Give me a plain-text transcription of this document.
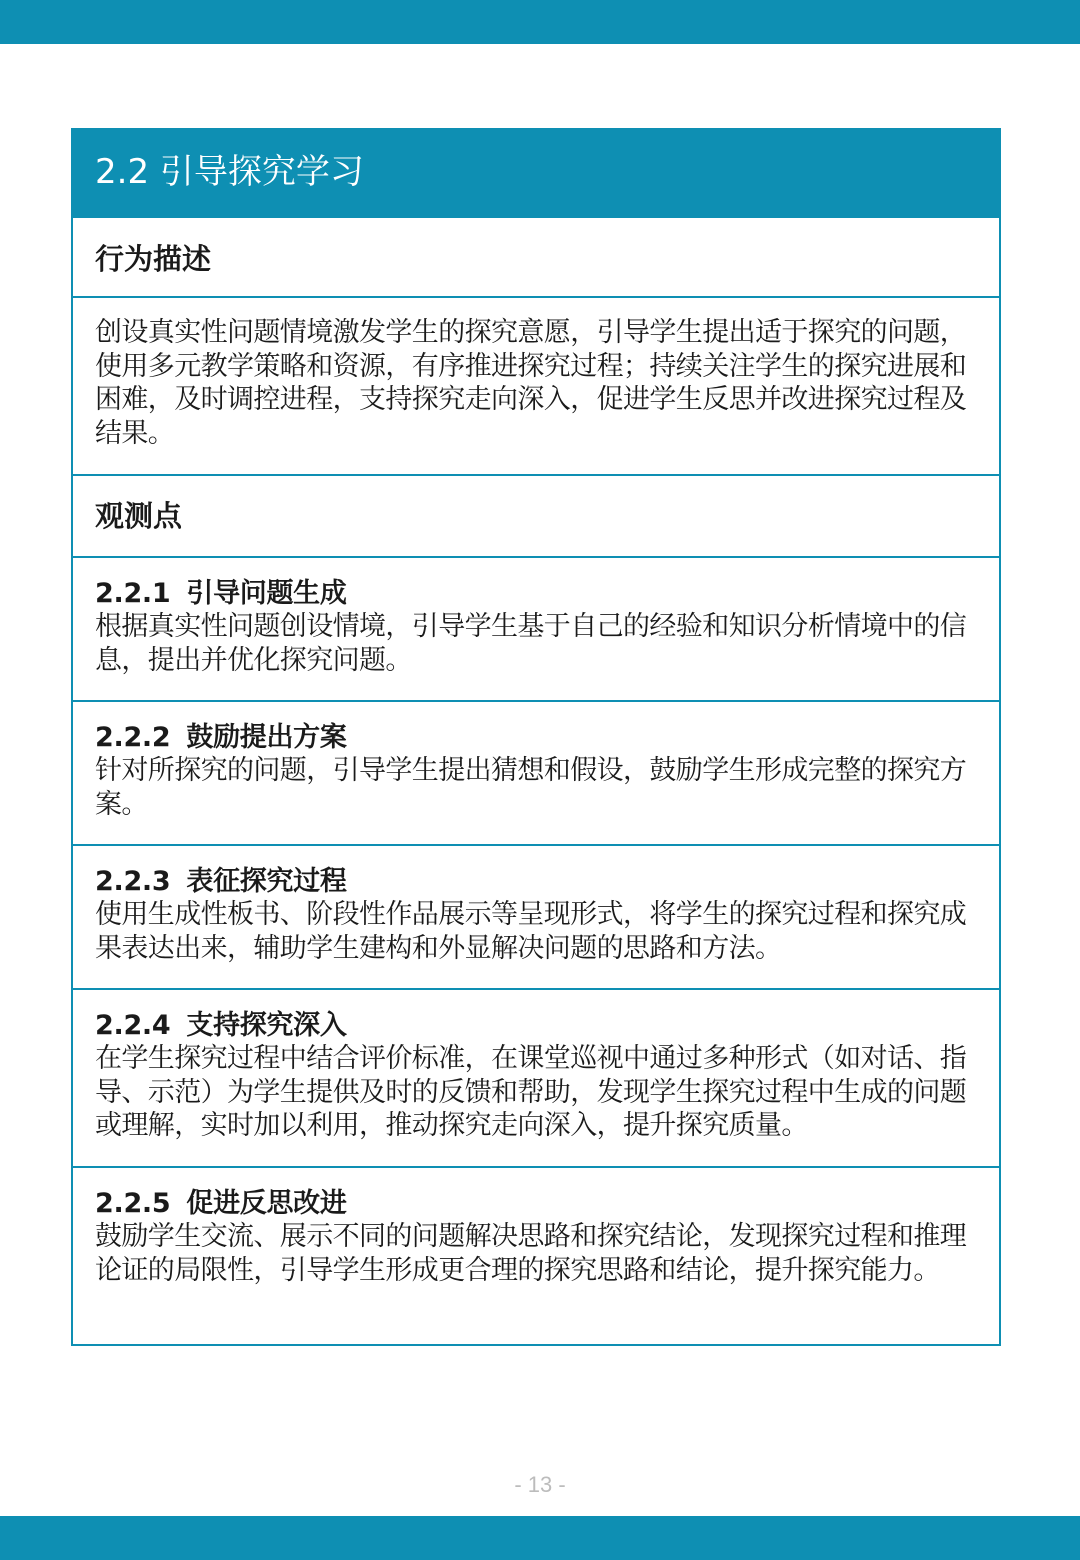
2.2 引导探究学习
行为描述
创设真实性问题情境激发学生的探究意愿，引导学生提出适于探究的问题，使用多元教学策略和资源，有序推进探究过程；持续关注学生的探究进展和困难，及时调控进程，支持探究走向深入，促进学生反思并改进探究过程及结果。
观测点
2.2.1 引导问题生成
根据真实性问题创设情境，引导学生基于自己的经验和知识分析情境中的信息，提出并优化探究问题。
2.2.2 鼓励提出方案
针对所探究的问题，引导学生提出猜想和假设，鼓励学生形成完整的探究方案。
2.2.3 表征探究过程
使用生成性板书、阶段性作品展示等呈现形式，将学生的探究过程和探究成果表达出来，辅助学生建构和外显解决问题的思路和方法。
2.2.4 支持探究深入
在学生探究过程中结合评价标准，在课堂巡视中通过多种形式（如对话、指导、示范）为学生提供及时的反馈和帮助，发现学生探究过程中生成的问题或理解，实时加以利用，推动探究走向深入，提升探究质量。
2.2.5 促进反思改进
鼓励学生交流、展示不同的问题解决思路和探究结论，发现探究过程和推理论证的局限性，引导学生形成更合理的探究思路和结论，提升探究能力。
- 13 -
